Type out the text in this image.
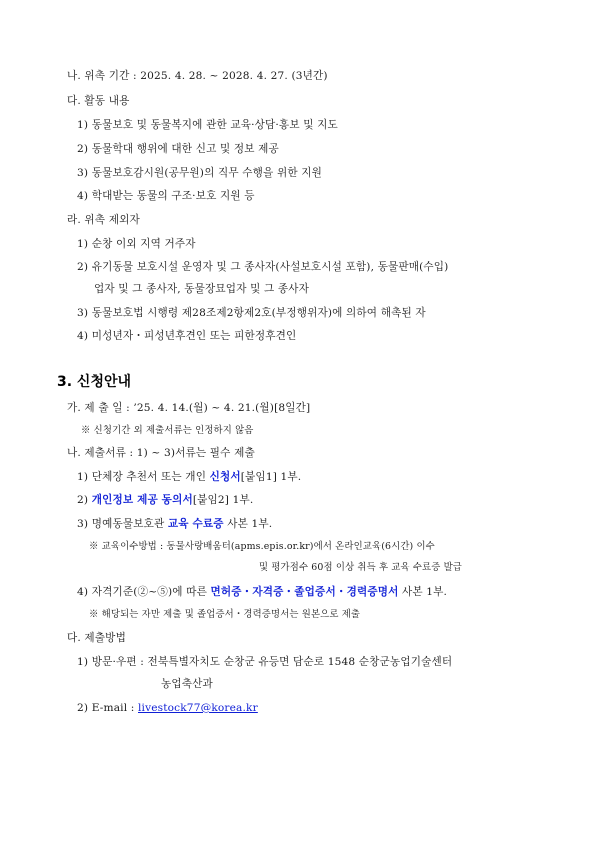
나. 위촉 기간 : 2025. 4. 28. ~ 2028. 4. 27. (3년간)
다. 활동 내용
1) 동물보호 및 동물복지에 관한 교육·상담·홍보 및 지도
2) 동물학대 행위에 대한 신고 및 정보 제공
3) 동물보호감시원(공무원)의 직무 수행을 위한 지원
4) 학대받는 동물의 구조·보호 지원 등
라. 위촉 제외자
1) 순창 이외 지역 거주자
2) 유기동물 보호시설 운영자 및 그 종사자(사설보호시설 포함), 동물판매(수입)
업자 및 그 종사자, 동물장묘업자 및 그 종사자
3) 동물보호법 시행령 제28조제2항제2호(부정행위자)에 의하여 해촉된 자
4) 미성년자・피성년후견인 또는 피한정후견인
3. 신청안내
가. 제 출 일 : ’25. 4. 14.(월) ~ 4. 21.(월)[8일간]
※ 신청기간 외 제출서류는 인정하지 않음
나. 제출서류 : 1) ~ 3)서류는 필수 제출
1) 단체장 추천서 또는 개인 신청서[붙임1] 1부.
2) 개인정보 제공 동의서[붙임2] 1부.
3) 명예동물보호관 교육 수료증 사본 1부.
※ 교육이수방법 : 동물사랑배움터(apms.epis.or.kr)에서 온라인교육(6시간) 이수
및 평가점수 60점 이상 취득 후 교육 수료증 발급
4) 자격기준(②~⑤)에 따른 면허증・자격증・졸업증서・경력증명서 사본 1부.
※ 해당되는 자만 제출 및 졸업증서・경력증명서는 원본으로 제출
다. 제출방법
1) 방문·우편 : 전북특별자치도 순창군 유등면 담순로 1548 순창군농업기술센터
농업축산과
2) E-mail : livestock77@korea.kr
